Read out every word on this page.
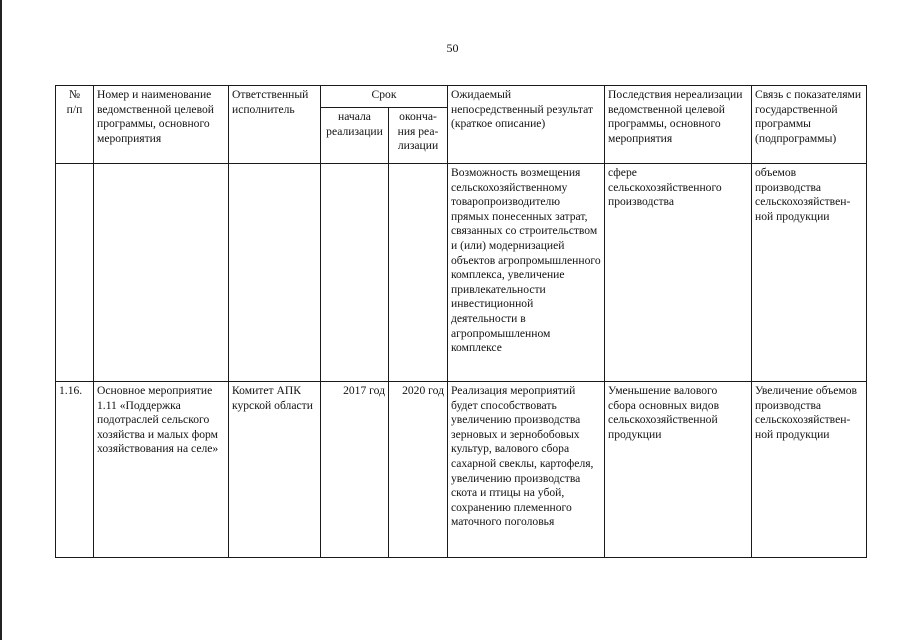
50
№
п/п	Номер и наименование ведомственной целевой программы, основного мероприятия	Ответственный исполнитель	Срок		Ожидаемый непосредственный результат (краткое описание)	Последствия нереализации ведомственной целевой программы, основного мероприятия	Связь с показателями государственной программы (подпрограммы)
			начала реализации	оконча-ния реа-лизации			
					Возможность возмещения сельскохозяйственному товаропроизводителю прямых понесенных затрат, связанных со строительством и (или) модернизацией объектов агропромышленного комплекса, увеличение привлекательности инвестиционной деятельности в агропромышленном комплексе	сфере сельскохозяйственного производства	объемов производства сельскохозяйствен-ной продукции
1.16.	Основное мероприятие 1.11 «Поддержка подотраслей сельского хозяйства и малых форм хозяйствования на селе»	Комитет АПК курской области	2017 год	2020 год	Реализация мероприятий будет способствовать увеличению производства зерновых и зернобобовых культур, валового сбора сахарной свеклы, картофеля, увеличению производства скота и птицы на убой, сохранению племенного маточного поголовья	Уменьшение валового сбора основных видов сельскохозяйственной продукции	Увеличение объемов производства сельскохозяйствен-ной продукции
